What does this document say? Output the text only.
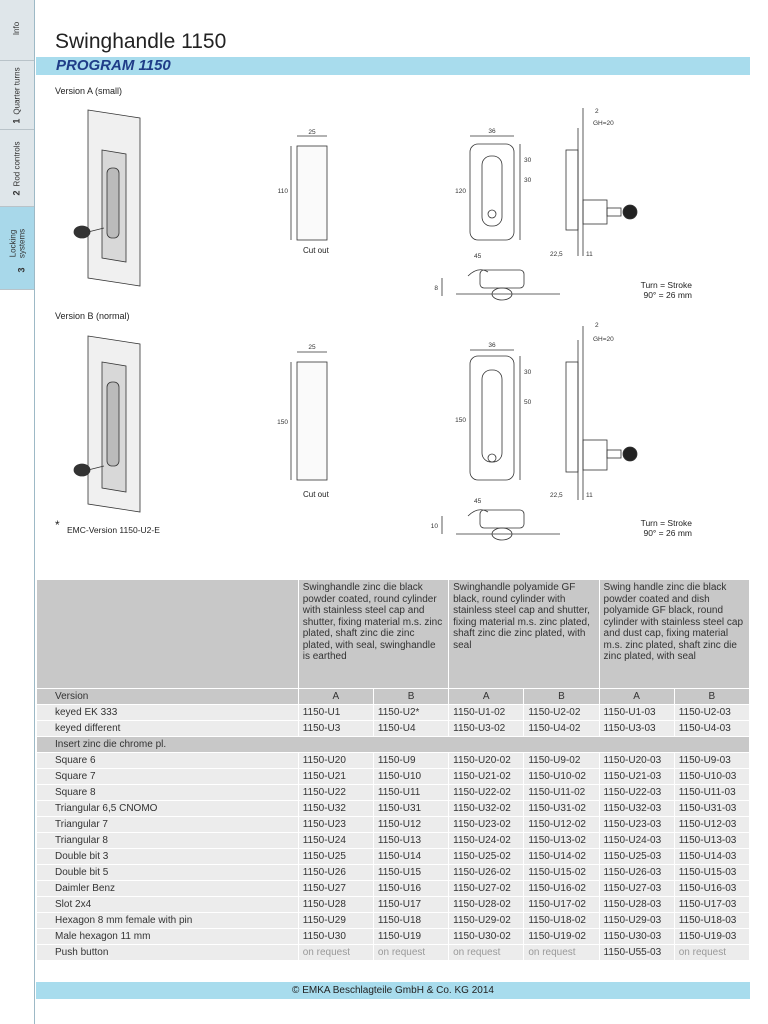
Info
1Quarter turns
2Rod controls
3Locking systems
Swinghandle 1150
PROGRAM 1150
Version A (small)
Version B (normal)
25
110
36
120
30
30
2
GH=20
45	22,5	11
8
25
150
36
150
30
50
2
GH=20
45
22,5	11
10
Cut out
Cut out
Turn = Stroke
90° = 26 mm
Turn = Stroke
90° = 26 mm
* EMC-Version 1150-U2-E
	Swinghandle zinc die black powder coated, round cylinder with stainless steel cap and shutter, fixing material m.s. zinc plated, shaft zinc die zinc plated, with seal, swinghandle is earthed		Swinghandle polyamide GF black, round cylinder with stainless steel cap and shutter, fixing material m.s. zinc plated, shaft zinc die zinc plated, with seal		Swing handle zinc die black powder coated and dish polyamide GF black, round cylinder with stainless steel cap and dust cap, fixing material m.s. zinc plated, shaft zinc die zinc plated, with seal	
Version	A	B	A	B	A	B
keyed EK 333	1150-U1	1150-U2*	1150-U1-02	1150-U2-02	1150-U1-03	1150-U2-03
keyed different	1150-U3	1150-U4	1150-U3-02	1150-U4-02	1150-U3-03	1150-U4-03
Insert zinc die chrome pl.						
Square 6	1150-U20	1150-U9	1150-U20-02	1150-U9-02	1150-U20-03	1150-U9-03
Square 7	1150-U21	1150-U10	1150-U21-02	1150-U10-02	1150-U21-03	1150-U10-03
Square 8	1150-U22	1150-U11	1150-U22-02	1150-U11-02	1150-U22-03	1150-U11-03
Triangular 6,5 CNOMO	1150-U32	1150-U31	1150-U32-02	1150-U31-02	1150-U32-03	1150-U31-03
Triangular 7	1150-U23	1150-U12	1150-U23-02	1150-U12-02	1150-U23-03	1150-U12-03
Triangular 8	1150-U24	1150-U13	1150-U24-02	1150-U13-02	1150-U24-03	1150-U13-03
Double bit 3	1150-U25	1150-U14	1150-U25-02	1150-U14-02	1150-U25-03	1150-U14-03
Double bit 5	1150-U26	1150-U15	1150-U26-02	1150-U15-02	1150-U26-03	1150-U15-03
Daimler Benz	1150-U27	1150-U16	1150-U27-02	1150-U16-02	1150-U27-03	1150-U16-03
Slot 2x4	1150-U28	1150-U17	1150-U28-02	1150-U17-02	1150-U28-03	1150-U17-03
Hexagon 8 mm female with pin	1150-U29	1150-U18	1150-U29-02	1150-U18-02	1150-U29-03	1150-U18-03
Male hexagon 11 mm	1150-U30	1150-U19	1150-U30-02	1150-U19-02	1150-U30-03	1150-U19-03
Push button	on request	on request	on request	on request	1150-U55-03	on request
© EMKA Beschlagteile GmbH & Co. KG 2014
